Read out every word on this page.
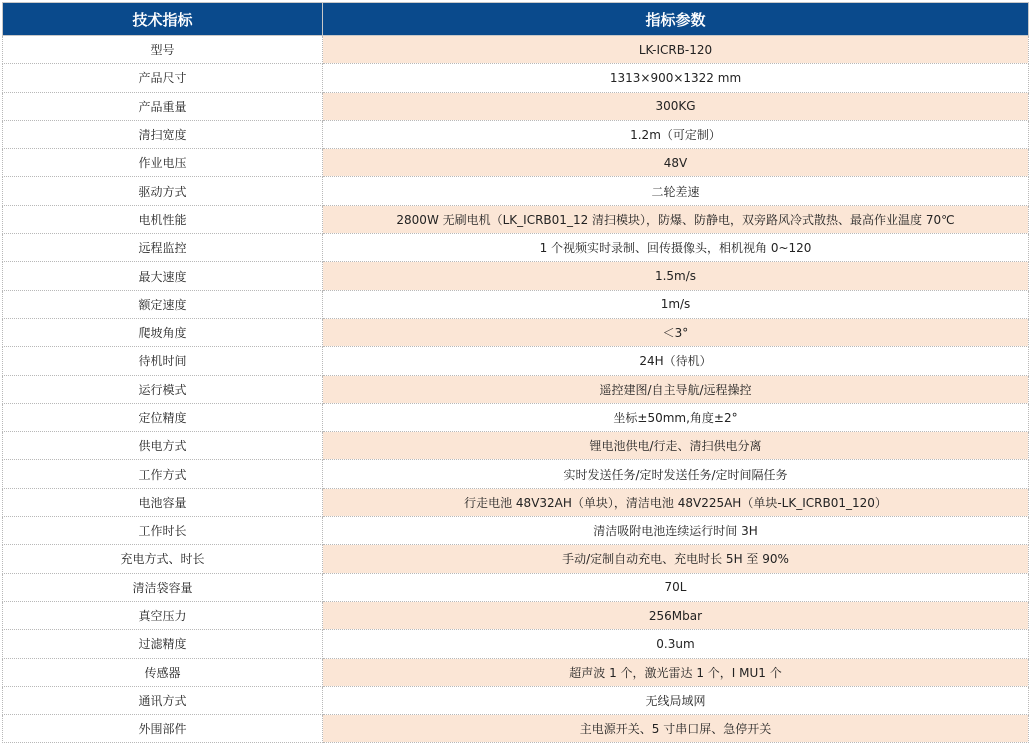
技术指标	指标参数
型号	LK-ICRB-120
产品尺寸	1313×900×1322 mm
产品重量	300KG
清扫宽度	1.2m（可定制）
作业电压	48V
驱动方式	二轮差速
电机性能	2800W 无刷电机（LK_ICRB01_12 清扫模块），防爆、防静电，双旁路风冷式散热、最高作业温度 70℃
远程监控	1 个视频实时录制、回传摄像头，相机视角 0~120
最大速度	1.5m/s
额定速度	1m/s
爬坡角度	＜3°
待机时间	24H（待机）
运行模式	遥控建图/自主导航/远程操控
定位精度	坐标±50mm,角度±2°
供电方式	锂电池供电/行走、清扫供电分离
工作方式	实时发送任务/定时发送任务/定时间隔任务
电池容量	行走电池 48V32AH（单块），清洁电池 48V225AH（单块-LK_ICRB01_120）
工作时长	清洁吸附电池连续运行时间 3H
充电方式、时长	手动/定制自动充电、充电时长 5H 至 90%
清洁袋容量	70L
真空压力	256Mbar
过滤精度	0.3um
传感器	超声波 1 个，激光雷达 1 个，I MU1 个
通讯方式	无线局域网
外围部件	主电源开关、5 寸串口屏、急停开关
